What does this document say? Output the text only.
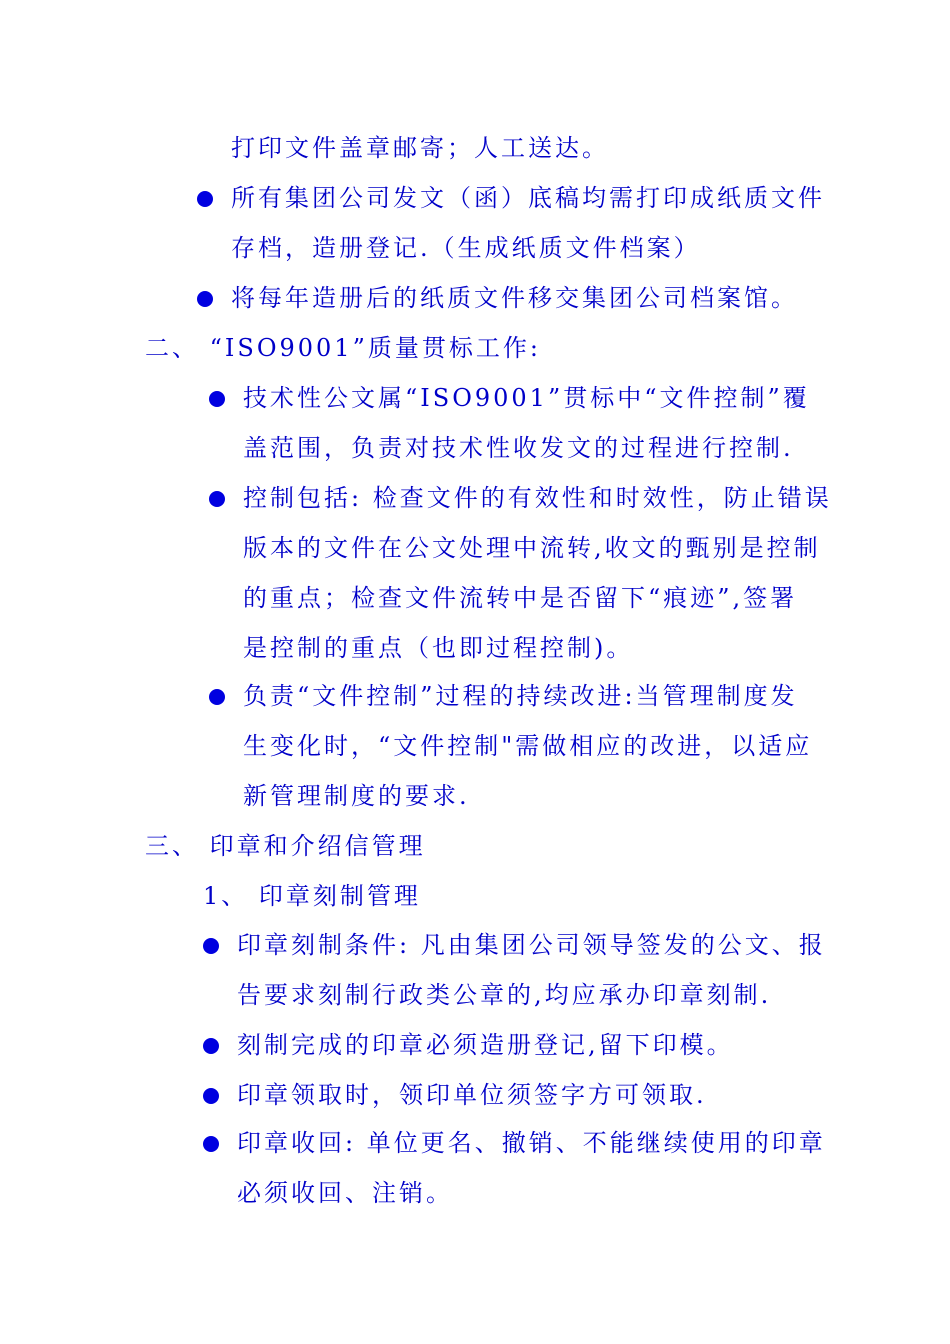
打印文件盖章邮寄；人工送达。
所有集团公司发文（函）底稿均需打印成纸质文件
存档，造册登记.（生成纸质文件档案）
将每年造册后的纸质文件移交集团公司档案馆。
二、 “ISO9001”质量贯标工作:
技术性公文属“ISO9001”贯标中“文件控制”覆
盖范围，负责对技术性收发文的过程进行控制.
控制包括: 检查文件的有效性和时效性，防止错误
版本的文件在公文处理中流转,收文的甄别是控制
的重点；检查文件流转中是否留下“痕迹”,签署
是控制的重点（也即过程控制)。
负责“文件控制”过程的持续改进:当管理制度发
生变化时，“文件控制"需做相应的改进，以适应
新管理制度的要求.
三、 印章和介绍信管理
1、 印章刻制管理
印章刻制条件: 凡由集团公司领导签发的公文、报
告要求刻制行政类公章的,均应承办印章刻制.
刻制完成的印章必须造册登记,留下印模。
印章领取时，领印单位须签字方可领取.
印章收回: 单位更名、撤销、不能继续使用的印章
必须收回、注销。
